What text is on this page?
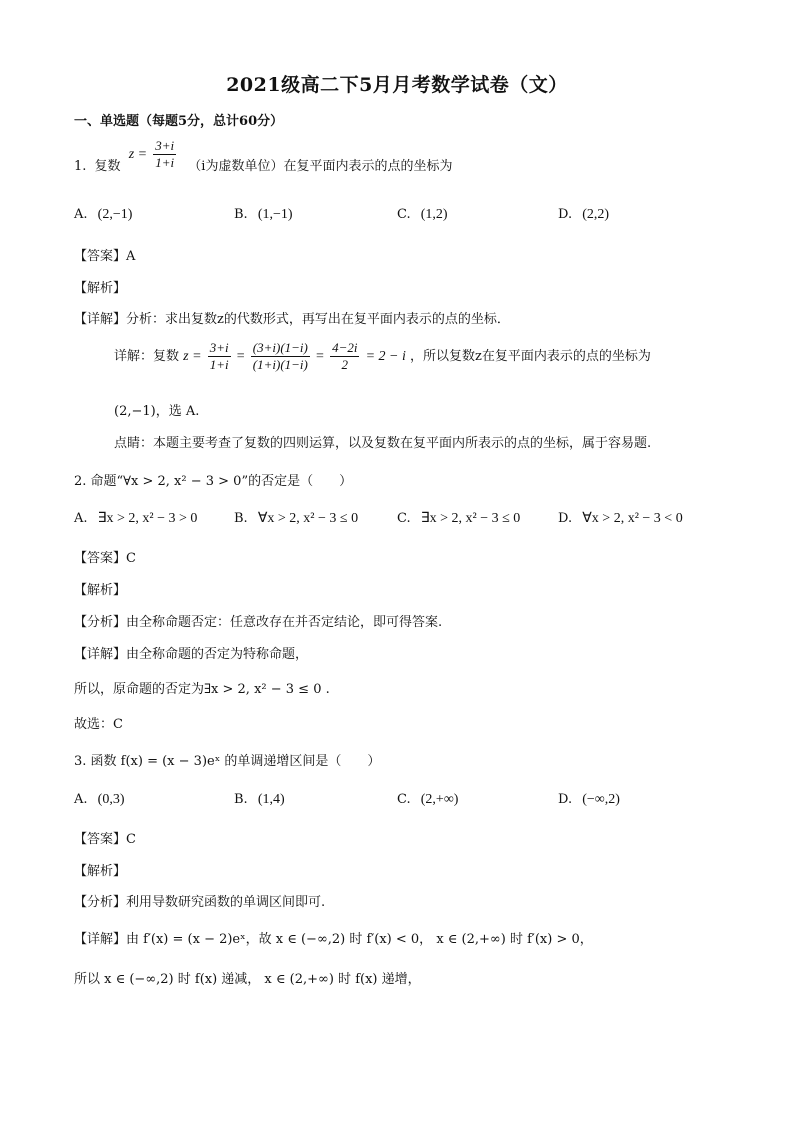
2021级高二下5月月考数学试卷（文）
一、单选题（每题5分，总计60分）
1. 复数 $z = \frac{3+i}{1+i} (i$为虚数单位）在复平面内表示的点的坐标为
A. (2,−1)	B. (1,−1)	C. (1,2)	D. (2,2)
【答案】A
【解析】
【详解】分析：求出复数z的代数形式，再写出在复平面内表示的点的坐标．
详解：复数 $z = \frac{3+i}{1+i} = \frac{(3+i)(1-i)}{(1+i)(1-i)} = \frac{4-2i}{2} = 2 - i$ ，所以复数z在复平面内表示的点的坐标为
(2,−1)，选 A.
点睛：本题主要考查了复数的四则运算，以及复数在复平面内所表示的点的坐标，属于容易题.
2. 命题“∀x > 2, x² − 3 > 0”的否定是（　　）
A. ∃x > 2, x² − 3 > 0	B. ∀x > 2, x² − 3 ≤ 0	C. ∃x > 2, x² − 3 ≤ 0	D. ∀x > 2, x² − 3 < 0
【答案】C
【解析】
【分析】由全称命题否定：任意改存在并否定结论，即可得答案.
【详解】由全称命题的否定为特称命题，
所以，原命题的否定为∃x > 2, x² − 3 ≤ 0 .
故选：C
3. 函数 f(x) = (x − 3)eˣ 的单调递增区间是（　　）
A. (0,3)	B. (1,4)	C. (2,+∞)	D. (−∞,2)
【答案】C
【解析】
【分析】利用导数研究函数的单调区间即可.
【详解】由 f′(x) = (x − 2)eˣ，故 x ∈ (−∞,2) 时 f′(x) < 0， x ∈ (2,+∞) 时 f′(x) > 0，
所以 x ∈ (−∞,2) 时 f(x) 递减， x ∈ (2,+∞) 时 f(x) 递增，
